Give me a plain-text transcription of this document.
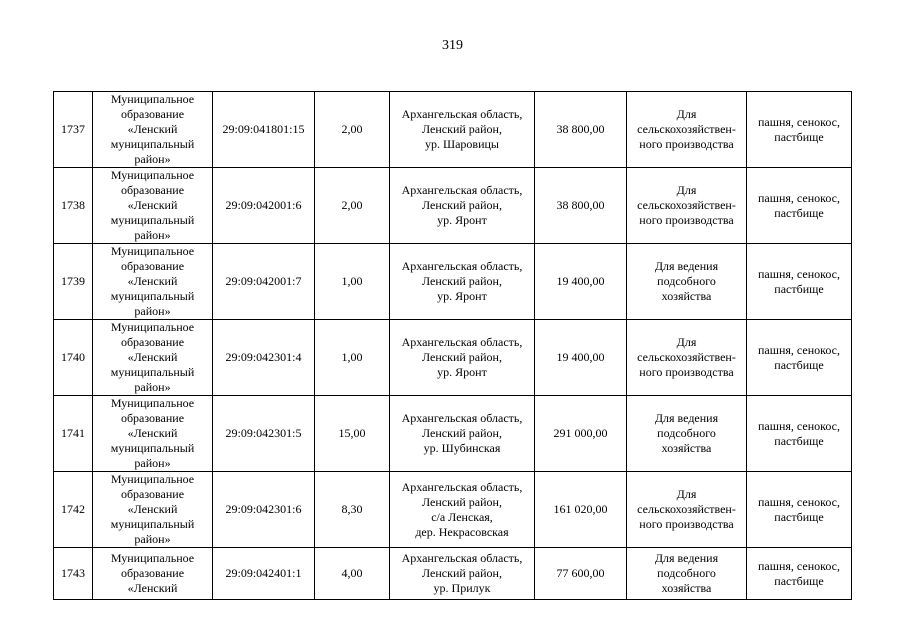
319
1737	Муниципальное
образование
«Ленский
муниципальный
район»	29:09:041801:15	2,00	Архангельская область,
Ленский район,
ур. Шаровицы	38 800,00	Для
сельскохозяйствен-
ного производства	пашня, сенокос,
пастбище
1738	Муниципальное
образование
«Ленский
муниципальный
район»	29:09:042001:6	2,00	Архангельская область,
Ленский район,
ур. Яронт	38 800,00	Для
сельскохозяйствен-
ного производства	пашня, сенокос,
пастбище
1739	Муниципальное
образование
«Ленский
муниципальный
район»	29:09:042001:7	1,00	Архангельская область,
Ленский район,
ур. Яронт	19 400,00	Для ведения
подсобного
хозяйства	пашня, сенокос,
пастбище
1740	Муниципальное
образование
«Ленский
муниципальный
район»	29:09:042301:4	1,00	Архангельская область,
Ленский район,
ур. Яронт	19 400,00	Для
сельскохозяйствен-
ного производства	пашня, сенокос,
пастбище
1741	Муниципальное
образование
«Ленский
муниципальный
район»	29:09:042301:5	15,00	Архангельская область,
Ленский район,
ур. Шубинская	291 000,00	Для ведения
подсобного
хозяйства	пашня, сенокос,
пастбище
1742	Муниципальное
образование
«Ленский
муниципальный
район»	29:09:042301:6	8,30	Архангельская область,
Ленский район,
с/а Ленская,
дер. Некрасовская	161 020,00	Для
сельскохозяйствен-
ного производства	пашня, сенокос,
пастбище
1743	Муниципальное
образование
«Ленский	29:09:042401:1	4,00	Архангельская область,
Ленский район,
ур. Прилук	77 600,00	Для ведения
подсобного
хозяйства	пашня, сенокос,
пастбище
